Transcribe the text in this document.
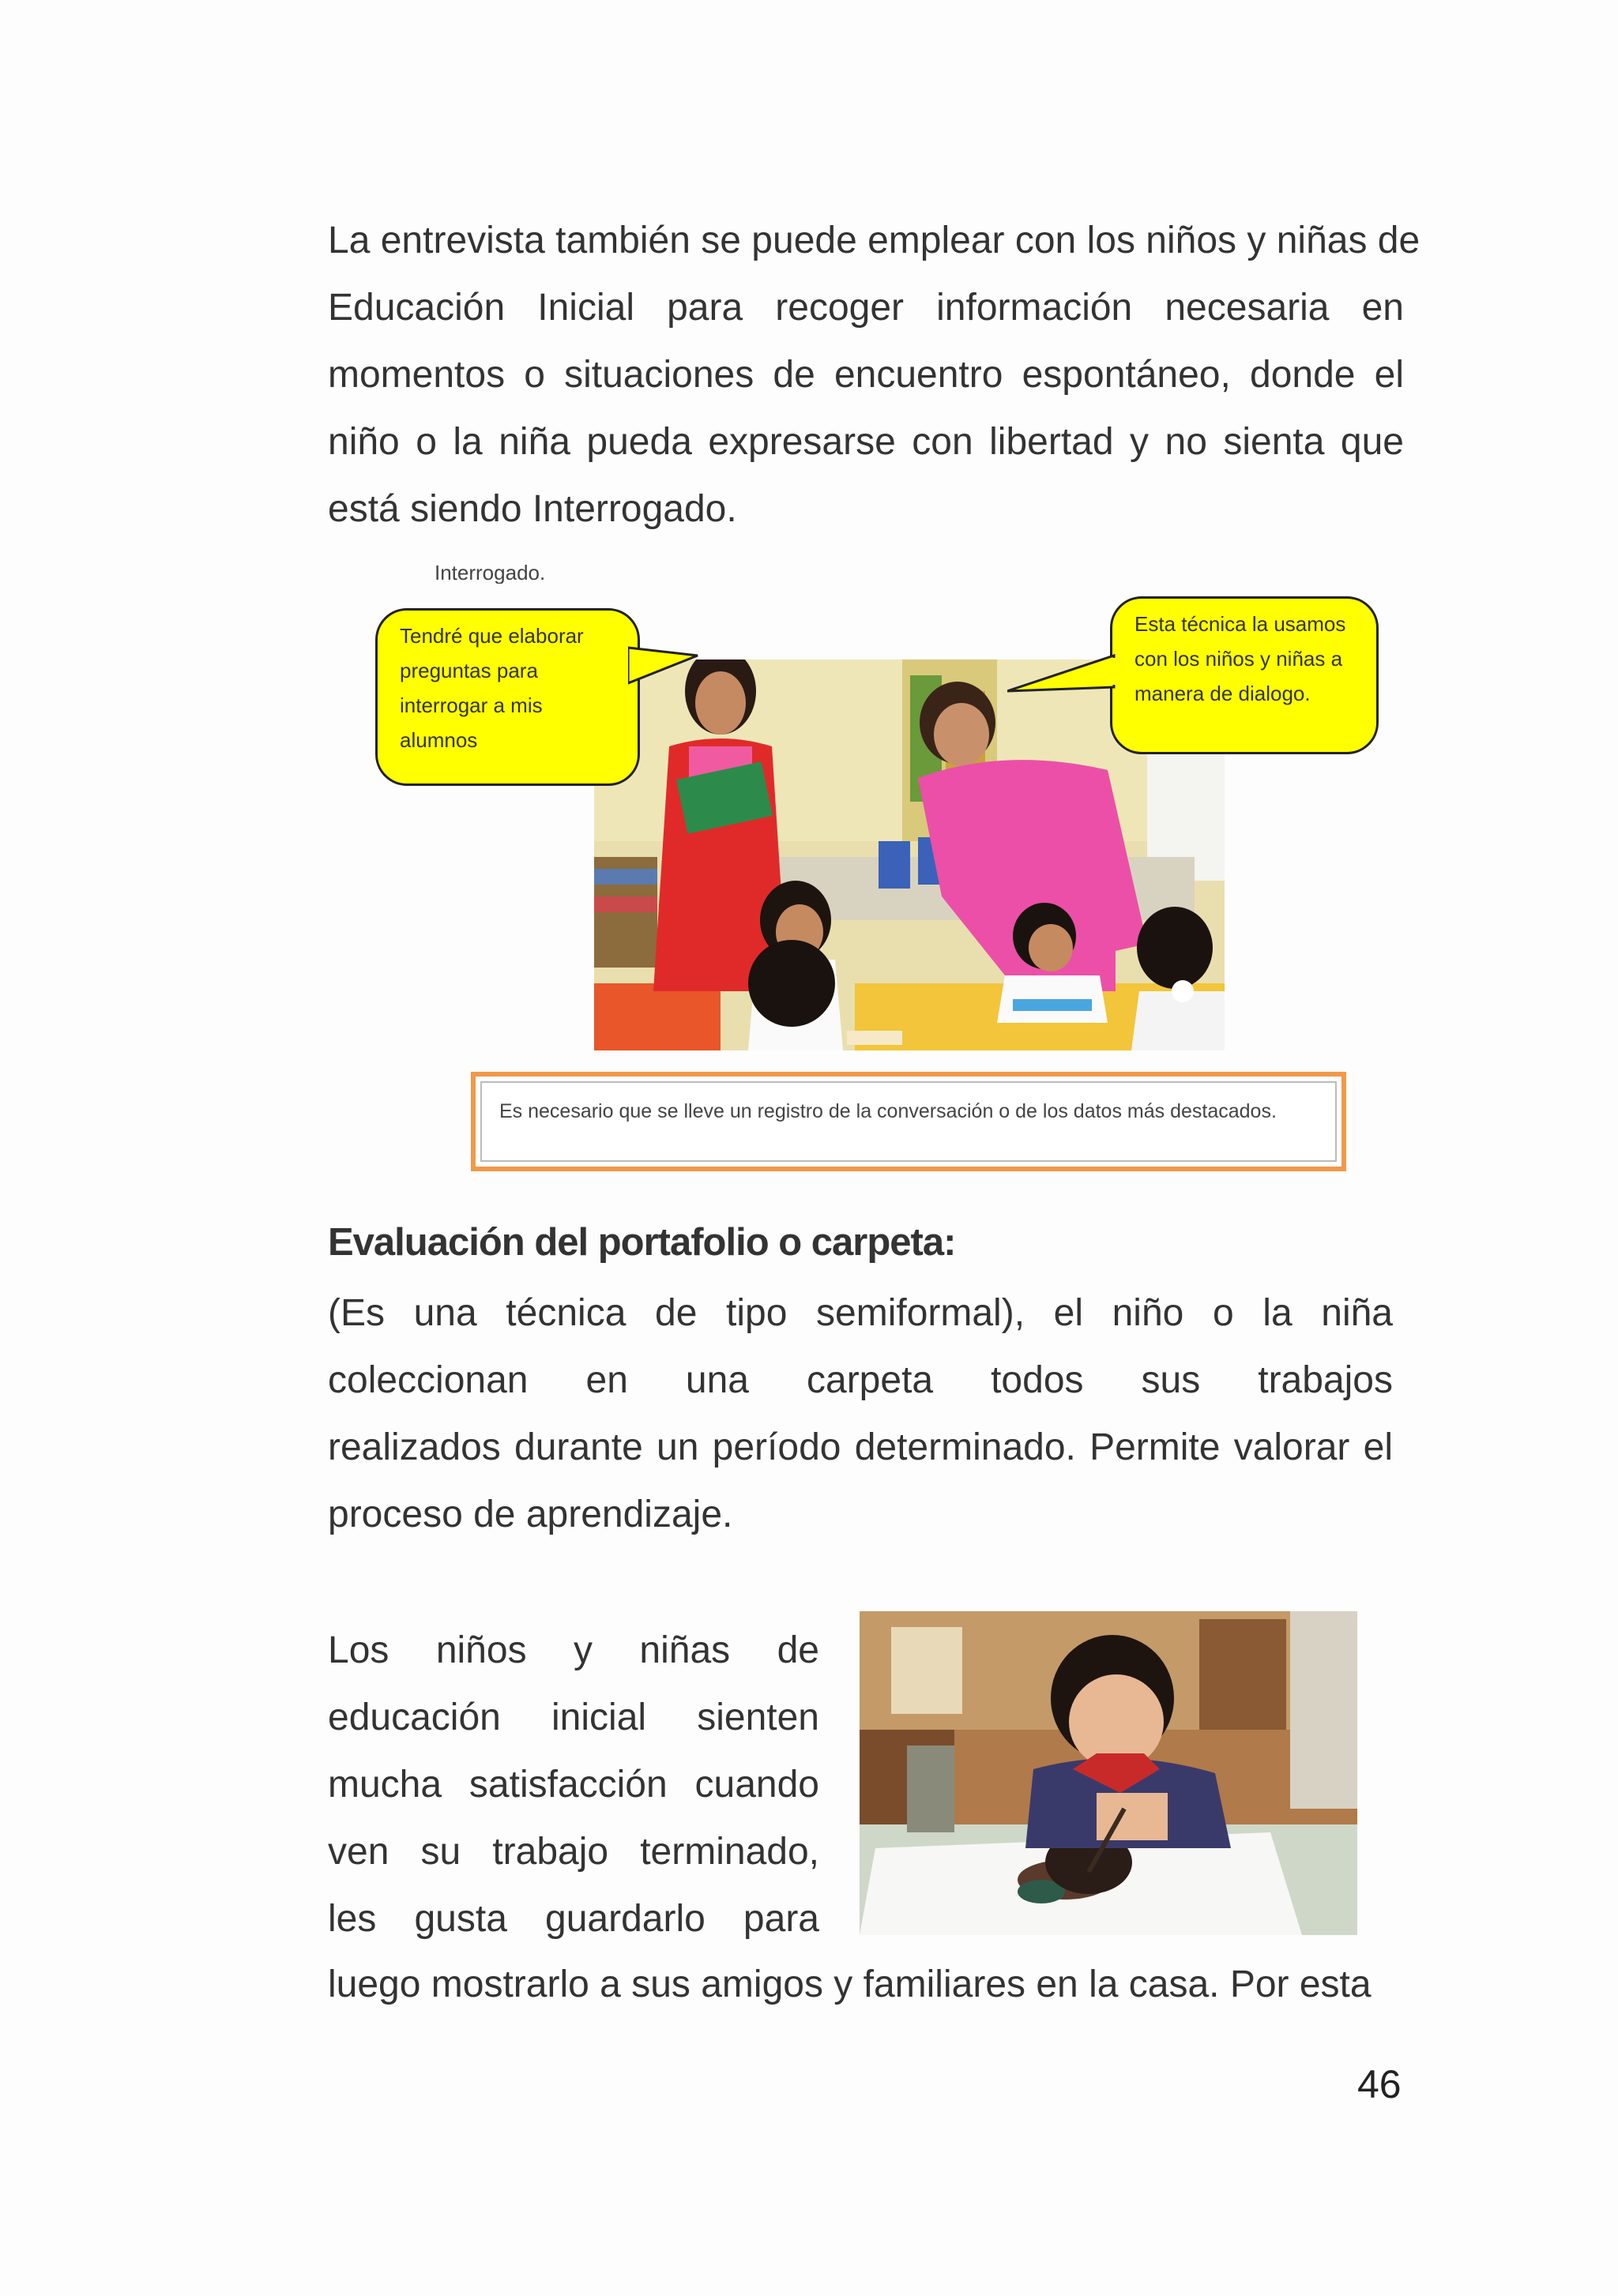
La entrevista también se puede emplear con los niños y niñas de
Educación Inicial para recoger información necesaria en
momentos o situaciones de encuentro espontáneo, donde el
niño o la niña pueda expresarse con libertad y no sienta que
está siendo Interrogado.
Interrogado.
Tendré que elaborar preguntas para interrogar a mis alumnos
Esta técnica la usamos con los niños y niñas a manera de dialogo.
Es necesario que se lleve un registro de la conversación o de los datos más destacados.
Evaluación del portafolio o carpeta:
(Es una técnica de tipo semiformal), el niño o la niña
coleccionan en una carpeta todos sus trabajos
realizados durante un período determinado. Permite valorar el
proceso de aprendizaje.
Los niños y niñas de
educación inicial sienten
mucha satisfacción cuando
ven su trabajo terminado,
les gusta guardarlo para
luego mostrarlo a sus amigos y familiares en la casa. Por esta
46
